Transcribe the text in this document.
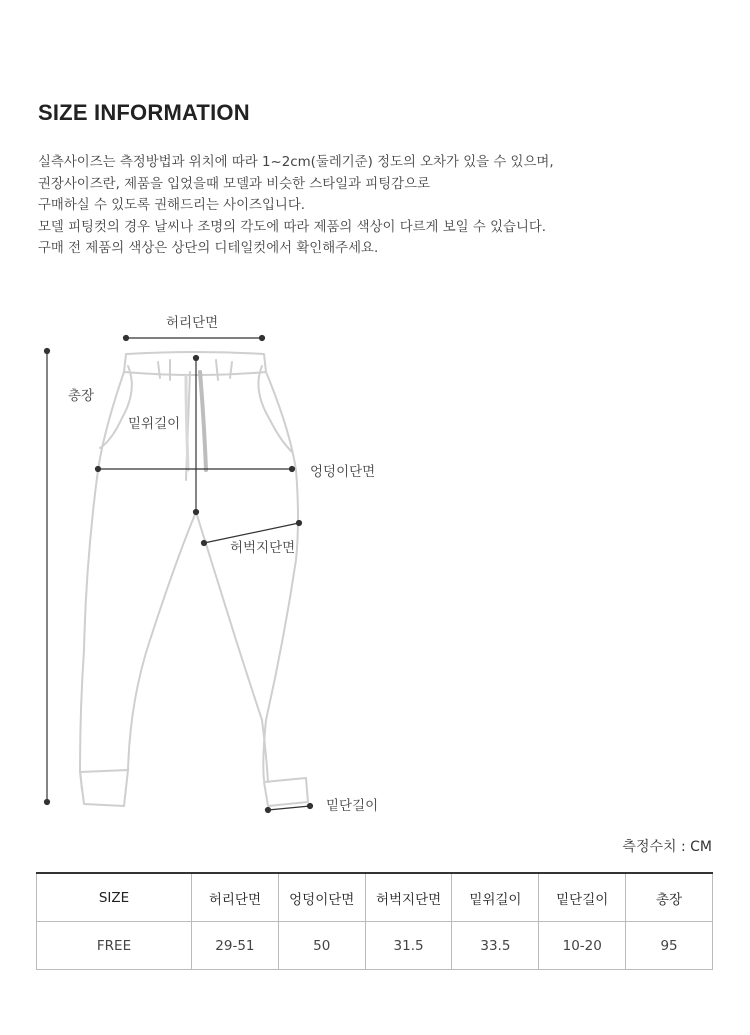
SIZE INFORMATION
실측사이즈는 측정방법과 위치에 따라 1~2cm(둘레기준) 정도의 오차가 있을 수 있으며,
권장사이즈란, 제품을 입었을때 모델과 비슷한 스타일과 피팅감으로
구매하실 수 있도록 권해드리는 사이즈입니다.
모델 피팅컷의 경우 날씨나 조명의 각도에 따라 제품의 색상이 다르게 보일 수 있습니다.
구매 전 제품의 색상은 상단의 디테일컷에서 확인해주세요.
허리단면
총장
밑위길이
엉덩이단면
허벅지단면
밑단길이
측정수치 : CM
SIZE	허리단면	엉덩이단면	허벅지단면	밑위길이	밑단길이	총장
FREE	29-51	50	31.5	33.5	10-20	95
